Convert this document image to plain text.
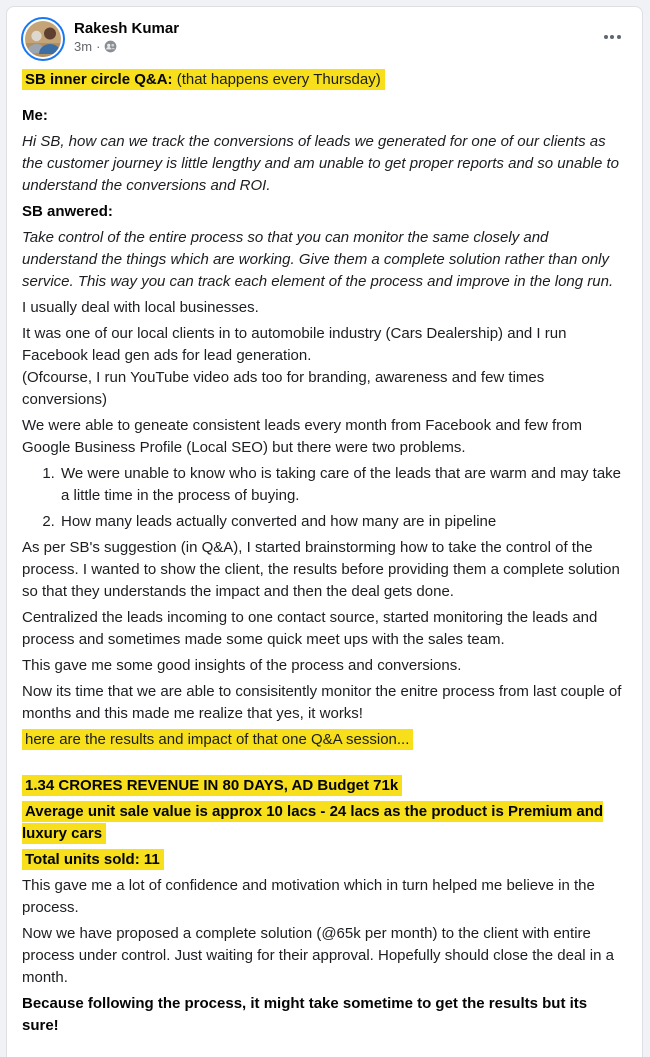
Rakesh Kumar
3m ·
SB inner circle Q&A: (that happens every Thursday)
Me:
Hi SB, how can we track the conversions of leads we generated for one of our clients as the customer journey is little lengthy and am unable to get proper reports and so unable to understand the conversions and ROI.
SB anwered:
Take control of the entire process so that you can monitor the same closely and understand the things which are working. Give them a complete solution rather than only service. This way you can track each element of the process and improve in the long run.
I usually deal with local businesses.
It was one of our local clients in to automobile industry (Cars Dealership) and I run Facebook lead gen ads for lead generation.
(Ofcourse, I run YouTube video ads too for branding, awareness and few times conversions)
We were able to geneate consistent leads every month from Facebook and few from Google Business Profile (Local SEO) but there were two problems.
1. We were unable to know who is taking care of the leads that are warm and may take a little time in the process of buying.
2. How many leads actually converted and how many are in pipeline
As per SB's suggestion (in Q&A), I started brainstorming how to take the control of the process. I wanted to show the client, the results before providing them a complete solution so that they understands the impact and then the deal gets done.
Centralized the leads incoming to one contact source, started monitoring the leads and process and sometimes made some quick meet ups with the sales team.
This gave me some good insights of the process and conversions.
Now its time that we are able to consisitently monitor the enitre process from last couple of months and this made me realize that yes, it works!
here are the results and impact of that one Q&A session...
1.34 CRORES REVENUE IN 80 DAYS, AD Budget 71k
Average unit sale value is approx 10 lacs - 24 lacs as the product is Premium and luxury cars
Total units sold: 11
This gave me a lot of confidence and motivation which in turn helped me believe in the process.
Now we have proposed a complete solution (@65k per month) to the client with entire process under control. Just waiting for their approval. Hopefully should close the deal in a month.
Because following the process, it might take sometime to get the results but its sure!
